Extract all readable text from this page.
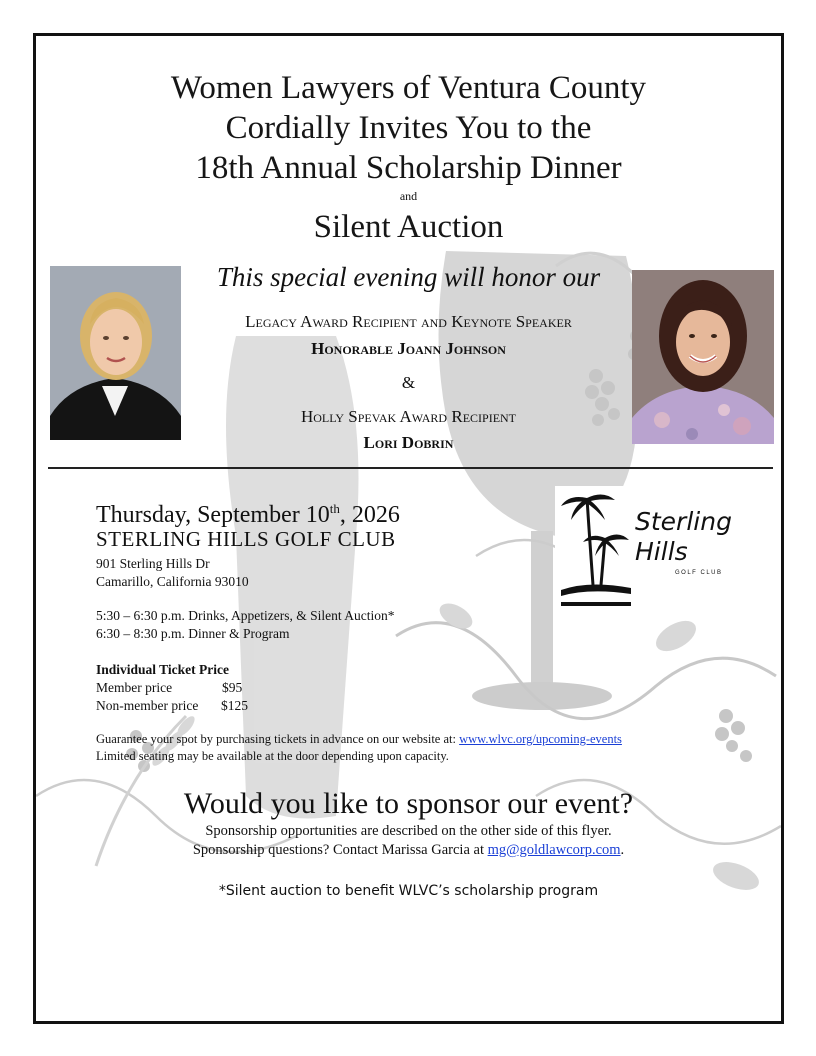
Women Lawyers of Ventura County
Cordially Invites You to the
18th Annual Scholarship Dinner
and
Silent Auction
This special evening will honor our
Legacy Award Recipient and Keynote Speaker
Honorable Joann Johnson
&
Holly Spevak Award Recipient
Lori Dobrin
Thursday, September 10th, 2026
STERLING HILLS GOLF CLUB
901 Sterling Hills Dr
Camarillo, California 93010
5:30 – 6:30 p.m. Drinks, Appetizers, & Silent Auction*
6:30 – 8:30 p.m. Dinner & Program
Individual Ticket Price
Member price	$95
Non-member price $125
Guarantee your spot by purchasing tickets in advance on our website at: www.wlvc.org/upcoming-events
Limited seating may be available at the door depending upon capacity.
Sterling
Hills
GOLF CLUB
Would you like to sponsor our event?
Sponsorship opportunities are described on the other side of this flyer.
Sponsorship questions? Contact Marissa Garcia at mg@goldlawcorp.com.
*Silent auction to benefit WLVC’s scholarship program
